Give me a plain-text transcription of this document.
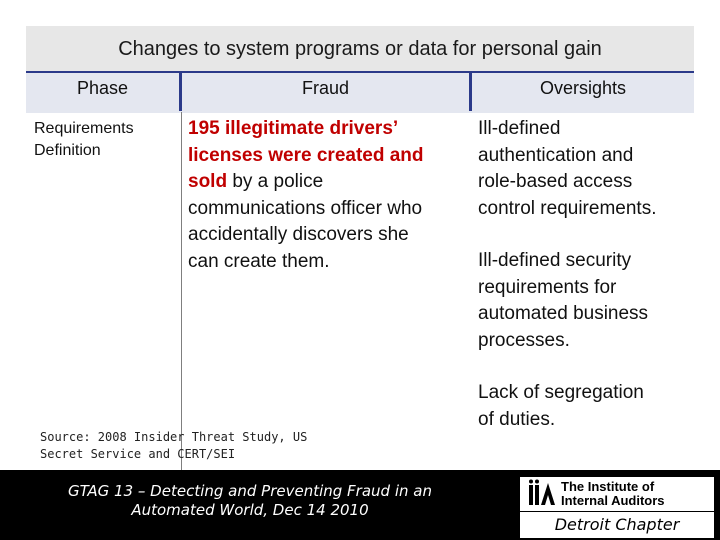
Changes to system programs or data for personal gain
Phase	Fraud	Oversights
Requirements
Definition
195 illegitimate drivers’
licenses were created and
sold by a police
communications officer who
accidentally discovers she
can create them.

Ill-defined
authentication and
role-based access
control requirements.

Ill-defined security
requirements for
automated business
processes.

Lack of segregation
of duties.

Source: 2008 Insider Threat Study, US
Secret Service and CERT/SEI
GTAG 13 – Detecting and Preventing Fraud in an
Automated World, Dec 14 2010
The Institute of
Internal Auditors
Detroit Chapter
